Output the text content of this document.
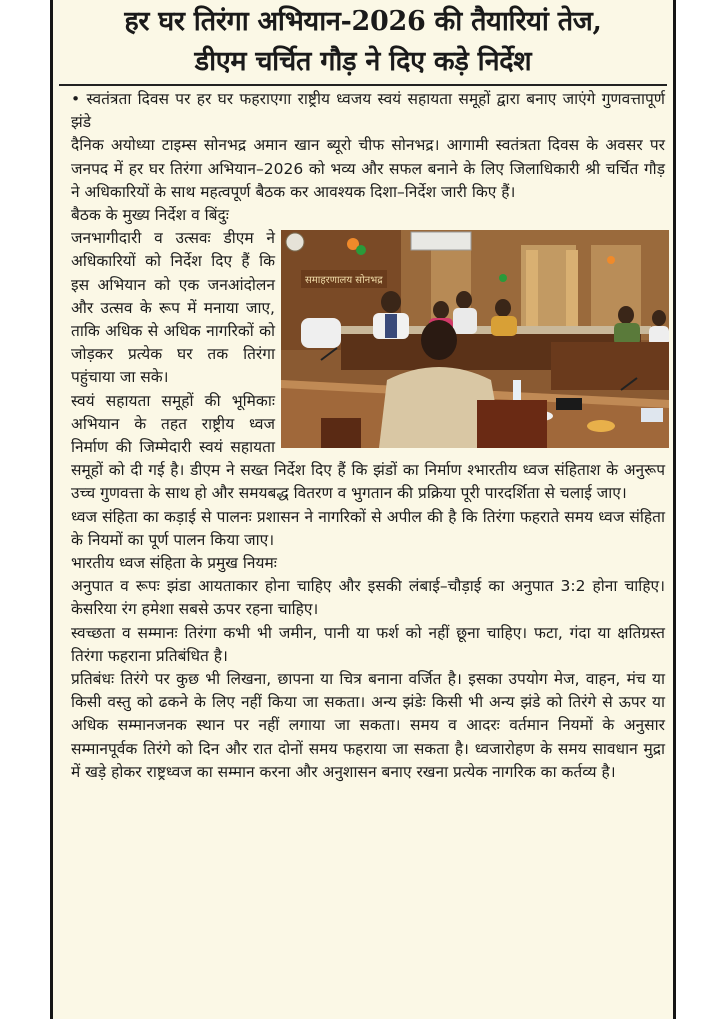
हर घर तिरंगा अभियान-2026 की तैयारियां तेज,
डीएम चर्चित गौड़ ने दिए कड़े निर्देश

• स्वतंत्रता दिवस पर हर घर फहराएगा राष्ट्रीय ध्वजय स्वयं सहायता समूहों द्वारा बनाए जाएंगे गुणवत्तापूर्ण झंडे

दैनिक अयोध्या टाइम्स सोनभद्र अमान खान ब्यूरो चीफ सोनभद्र। आगामी स्वतंत्रता दिवस के अवसर पर जनपद में हर घर तिरंगा अभियान–2026 को भव्य और सफल बनाने के लिए जिलाधिकारी श्री चर्चित गौड़ ने अधिकारियों के साथ महत्वपूर्ण बैठक कर आवश्यक दिशा–निर्देश जारी किए हैं।

बैठक के मुख्य निर्देश व बिंदुः

समाहरणालय सोनभद्र

जनभागीदारी व उत्सवः डीएम ने अधिकारियों को निर्देश दिए हैं कि इस अभियान को एक जनआंदोलन और उत्सव के रूप में मनाया जाए, ताकि अधिक से अधिक नागरिकों को जोड़कर प्रत्येक घर तक तिरंगा पहुंचाया जा सके।

स्वयं सहायता समूहों की भूमिकाः अभियान के तहत राष्ट्रीय ध्वज निर्माण की जिम्मेदारी स्वयं सहायता समूहों को दी गई है। डीएम ने सख्त निर्देश दिए हैं कि झंडों का निर्माण श्भारतीय ध्वज संहिताश के अनुरूप उच्च गुणवत्ता के साथ हो और समयबद्ध वितरण व भुगतान की प्रक्रिया पूरी पारदर्शिता से चलाई जाए।

ध्वज संहिता का कड़ाई से पालनः प्रशासन ने नागरिकों से अपील की है कि तिरंगा फहराते समय ध्वज संहिता के नियमों का पूर्ण पालन किया जाए।

भारतीय ध्वज संहिता के प्रमुख नियमः

अनुपात व रूपः झंडा आयताकार होना चाहिए और इसकी लंबाई–चौड़ाई का अनुपात 3:2 होना चाहिए। केसरिया रंग हमेशा सबसे ऊपर रहना चाहिए।

स्वच्छता व सम्मानः तिरंगा कभी भी जमीन, पानी या फर्श को नहीं छूना चाहिए। फटा, गंदा या क्षतिग्रस्त तिरंगा फहराना प्रतिबंधित है।

प्रतिबंधः तिरंगे पर कुछ भी लिखना, छापना या चित्र बनाना वर्जित है। इसका उपयोग मेज, वाहन, मंच या किसी वस्तु को ढकने के लिए नहीं किया जा सकता। अन्य झंडेः किसी भी अन्य झंडे को तिरंगे से ऊपर या अधिक सम्मानजनक स्थान पर नहीं लगाया जा सकता। समय व आदरः वर्तमान नियमों के अनुसार सम्मानपूर्वक तिरंगे को दिन और रात दोनों समय फहराया जा सकता है। ध्वजारोहण के समय सावधान मुद्रा में खड़े होकर राष्ट्रध्वज का सम्मान करना और अनुशासन बनाए रखना प्रत्येक नागरिक का कर्तव्य है।
